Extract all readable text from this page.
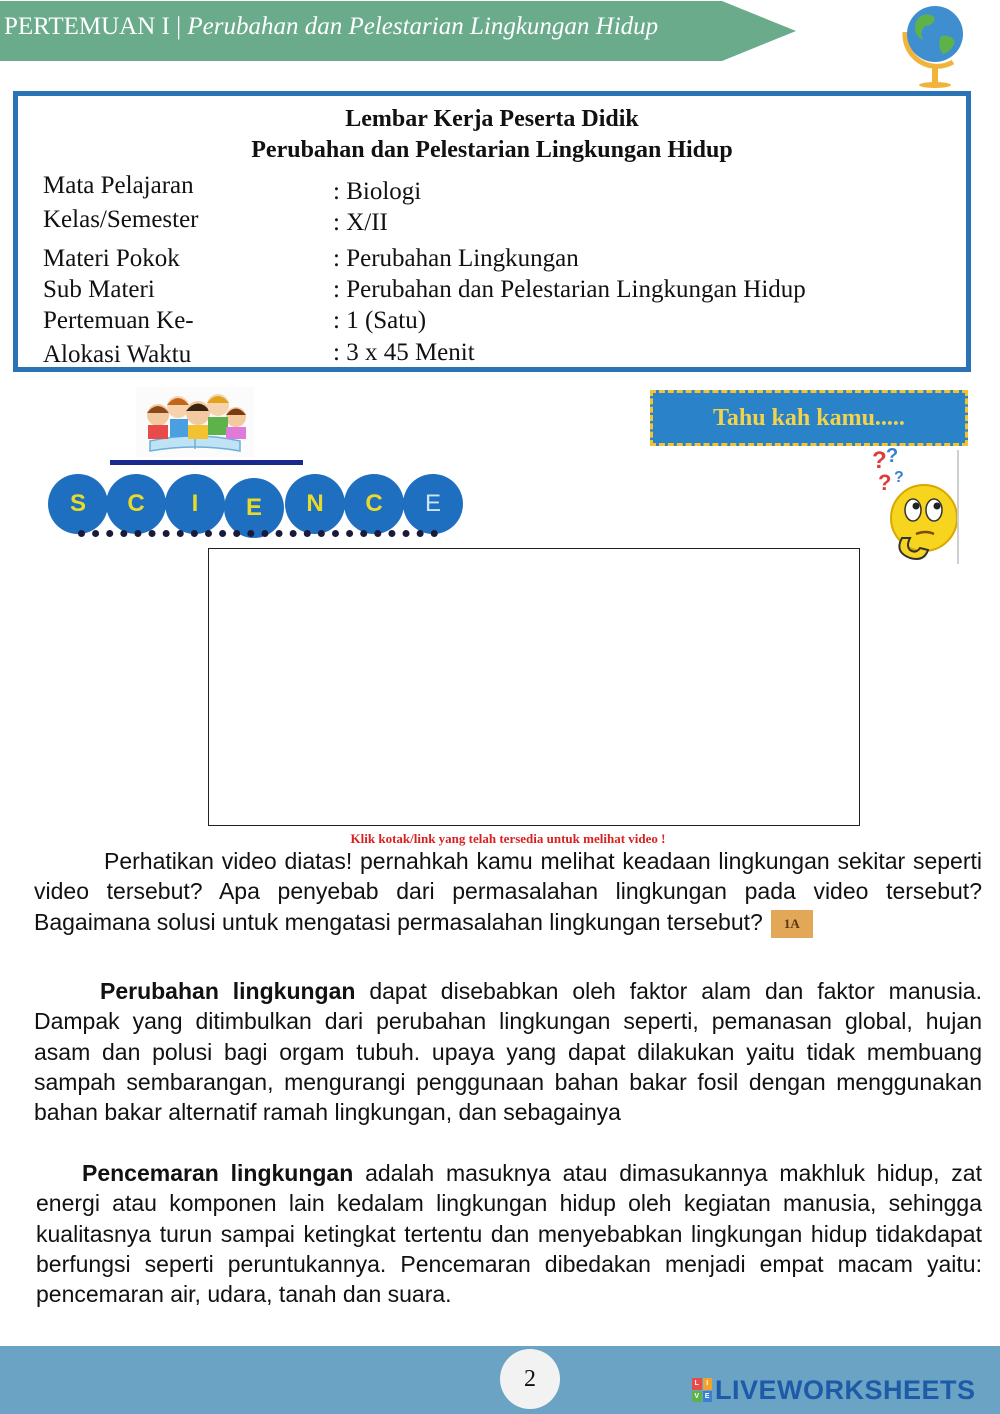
PERTEMUAN I | Perubahan dan Pelestarian Lingkungan Hidup
Lembar Kerja Peserta Didik
Perubahan dan Pelestarian Lingkungan Hidup
Mata Pelajaran	: Biologi
Kelas/Semester	: X/II
Materi Pokok	: Perubahan Lingkungan
Sub Materi	: Perubahan dan Pelestarian Lingkungan Hidup
Pertemuan Ke-	: 1 (Satu)
Alokasi Waktu	: 3 x 45 Menit
S	C	I	E	N	C	E
Tahu kah kamu.....
? ?
? ?
Klik kotak/link yang telah tersedia untuk melihat video !
Perhatikan video diatas! pernahkah kamu melihat keadaan lingkungan sekitar seperti video tersebut? Apa penyebab dari permasalahan lingkungan pada video tersebut? Bagaimana solusi untuk mengatasi permasalahan lingkungan tersebut? 1A
Perubahan lingkungan dapat disebabkan oleh faktor alam dan faktor manusia. Dampak yang ditimbulkan dari perubahan lingkungan seperti, pemanasan global, hujan asam dan polusi bagi orgam tubuh. upaya yang dapat dilakukan yaitu tidak membuang sampah sembarangan, mengurangi penggunaan bahan bakar fosil dengan menggunakan bahan bakar alternatif ramah lingkungan, dan sebagainya
Pencemaran lingkungan adalah masuknya atau dimasukannya makhluk hidup, zat energi atau komponen lain kedalam lingkungan hidup oleh kegiatan manusia, sehingga kualitasnya turun sampai ketingkat tertentu dan menyebabkan lingkungan hidup tidakdapat berfungsi seperti peruntukannya. Pencemaran dibedakan menjadi empat macam yaitu: pencemaran air, udara, tanah dan suara.
2	L	I
V E LIVEWORKSHEETS
